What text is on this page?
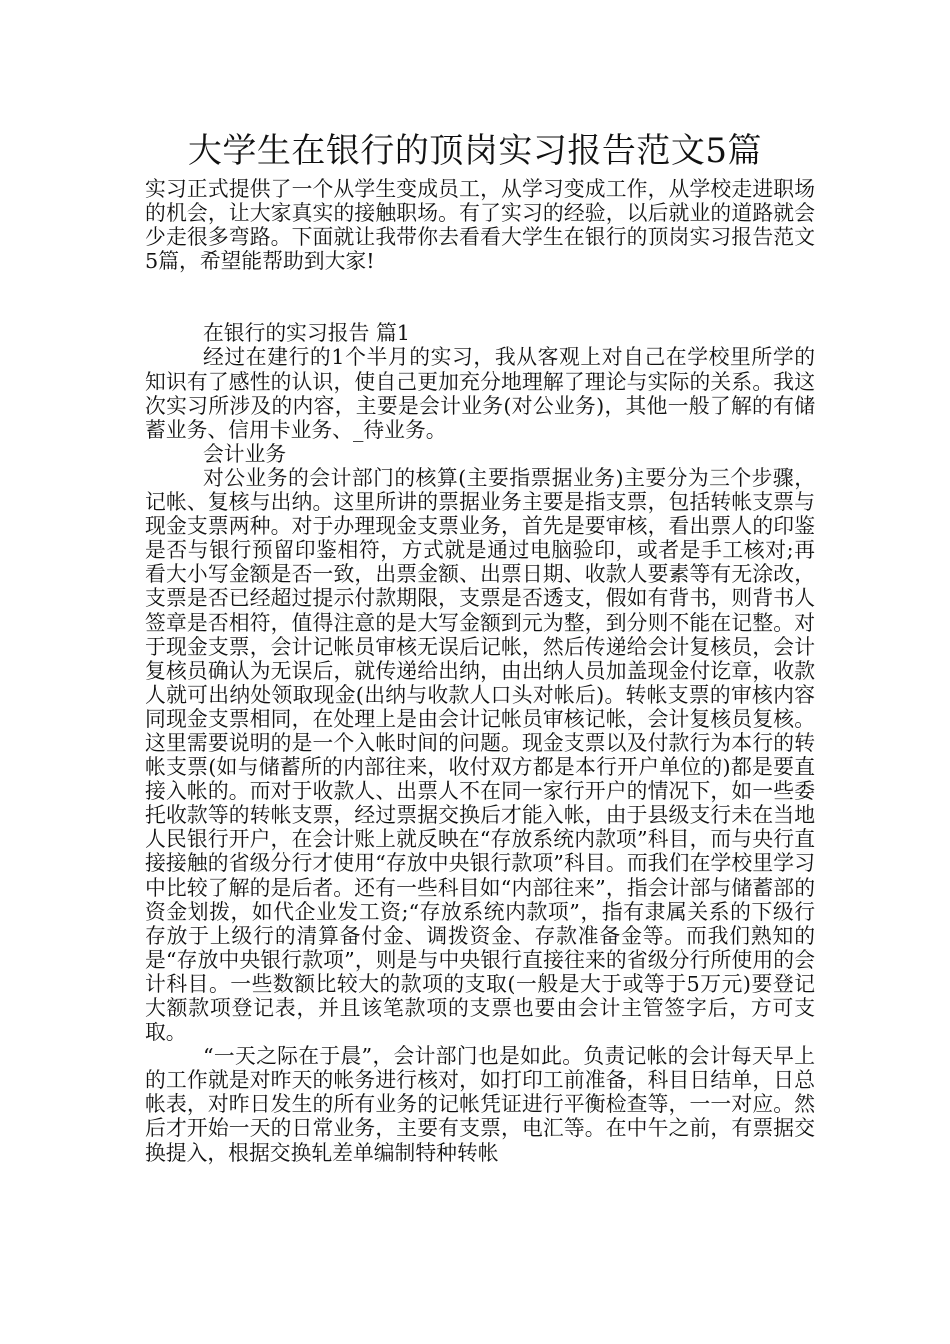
大学生在银行的顶岗实习报告范文5篇

实习正式提供了一个从学生变成员工，从学习变成工作，从学校走进职场的机会，让大家真实的接触职场。有了实习的经验，以后就业的道路就会少走很多弯路。下面就让我带你去看看大学生在银行的顶岗实习报告范文5篇，希望能帮助到大家!

在银行的实习报告 篇1

经过在建行的1个半月的实习，我从客观上对自己在学校里所学的知识有了感性的认识，使自己更加充分地理解了理论与实际的关系。我这次实习所涉及的内容，主要是会计业务(对公业务)，其他一般了解的有储蓄业务、信用卡业务、_待业务。

会计业务

对公业务的会计部门的核算(主要指票据业务)主要分为三个步骤，记帐、复核与出纳。这里所讲的票据业务主要是指支票，包括转帐支票与现金支票两种。对于办理现金支票业务，首先是要审核，看出票人的印鉴是否与银行预留印鉴相符，方式就是通过电脑验印，或者是手工核对;再看大小写金额是否一致，出票金额、出票日期、收款人要素等有无涂改，支票是否已经超过提示付款期限，支票是否透支，假如有背书，则背书人签章是否相符，值得注意的是大写金额到元为整，到分则不能在记整。对于现金支票，会计记帐员审核无误后记帐，然后传递给会计复核员，会计复核员确认为无误后，就传递给出纳，由出纳人员加盖现金付讫章，收款人就可出纳处领取现金(出纳与收款人口头对帐后)。转帐支票的审核内容同现金支票相同，在处理上是由会计记帐员审核记帐，会计复核员复核。这里需要说明的是一个入帐时间的问题。现金支票以及付款行为本行的转帐支票(如与储蓄所的内部往来，收付双方都是本行开户单位的)都是要直接入帐的。而对于收款人、出票人不在同一家行开户的情况下，如一些委托收款等的转帐支票，经过票据交换后才能入帐，由于县级支行未在当地人民银行开户，在会计账上就反映在“存放系统内款项”科目，而与央行直接接触的省级分行才使用“存放中央银行款项”科目。而我们在学校里学习中比较了解的是后者。还有一些科目如“内部往来”，指会计部与储蓄部的资金划拨，如代企业发工资;“存放系统内款项”，指有隶属关系的下级行存放于上级行的清算备付金、调拨资金、存款准备金等。而我们熟知的是“存放中央银行款项”，则是与中央银行直接往来的省级分行所使用的会计科目。一些数额比较大的款项的支取(一般是大于或等于5万元)要登记大额款项登记表，并且该笔款项的支票也要由会计主管签字后，方可支取。

“一天之际在于晨”，会计部门也是如此。负责记帐的会计每天早上的工作就是对昨天的帐务进行核对，如打印工前准备，科目日结单，日总帐表，对昨日发生的所有业务的记帐凭证进行平衡检查等，一一对应。然后才开始一天的日常业务，主要有支票，电汇等。在中午之前，有票据交换提入，根据交换轧差单编制特种转帐
